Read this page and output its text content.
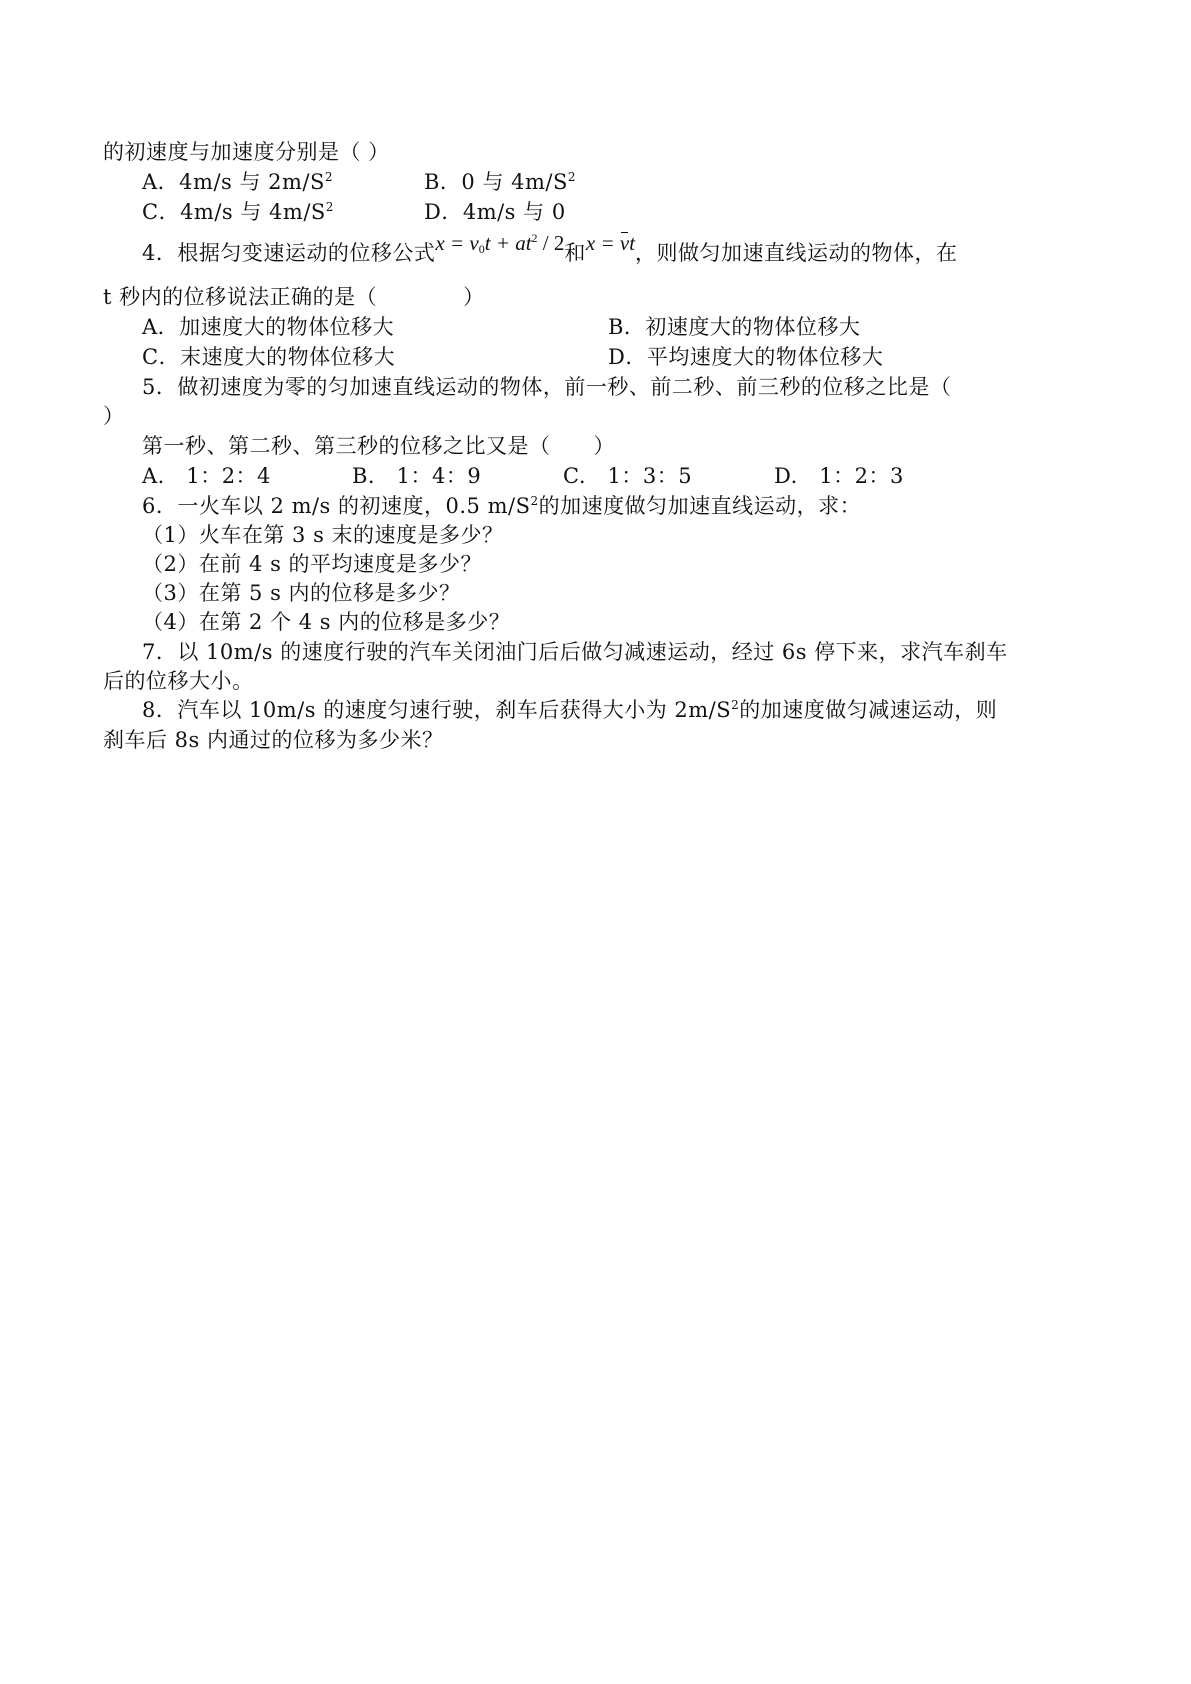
的初速度与加速度分别是（ ）
A．4m/s 与 $2m/S^2$	B．0 与 $4m/S^2$
C．4m/s 与 $4m/S^2$	D．4m/s 与 0
4．根据匀变速运动的位移公式$x = v_0t + at^2 / 2$和x = vt，则做匀加速直线运动的物体，在
t 秒内的位移说法正确的是（　　　　）
A．加速度大的物体位移大	B．初速度大的物体位移大
C．末速度大的物体位移大	D．平均速度大的物体位移大
5．做初速度为零的匀加速直线运动的物体，前一秒、前二秒、前三秒的位移之比是（
）
第一秒、第二秒、第三秒的位移之比又是（　　）
A.　1：2：4	B.　1：4：9	C.　1：3：5	D.　1：2：3
6．一火车以 2 m/s 的初速度，0.5 $m/S^2$的加速度做匀加速直线运动，求：
（1）火车在第 3 s 末的速度是多少？
（2）在前 4 s 的平均速度是多少？
（3）在第 5 s 内的位移是多少？
（4）在第 2 个 4 s 内的位移是多少？
7．以 10m/s 的速度行驶的汽车关闭油门后后做匀减速运动，经过 6s 停下来，求汽车刹车
后的位移大小。
8．汽车以 10m/s 的速度匀速行驶，刹车后获得大小为 $2m/S^2$的加速度做匀减速运动，则
刹车后 8s 内通过的位移为多少米？
